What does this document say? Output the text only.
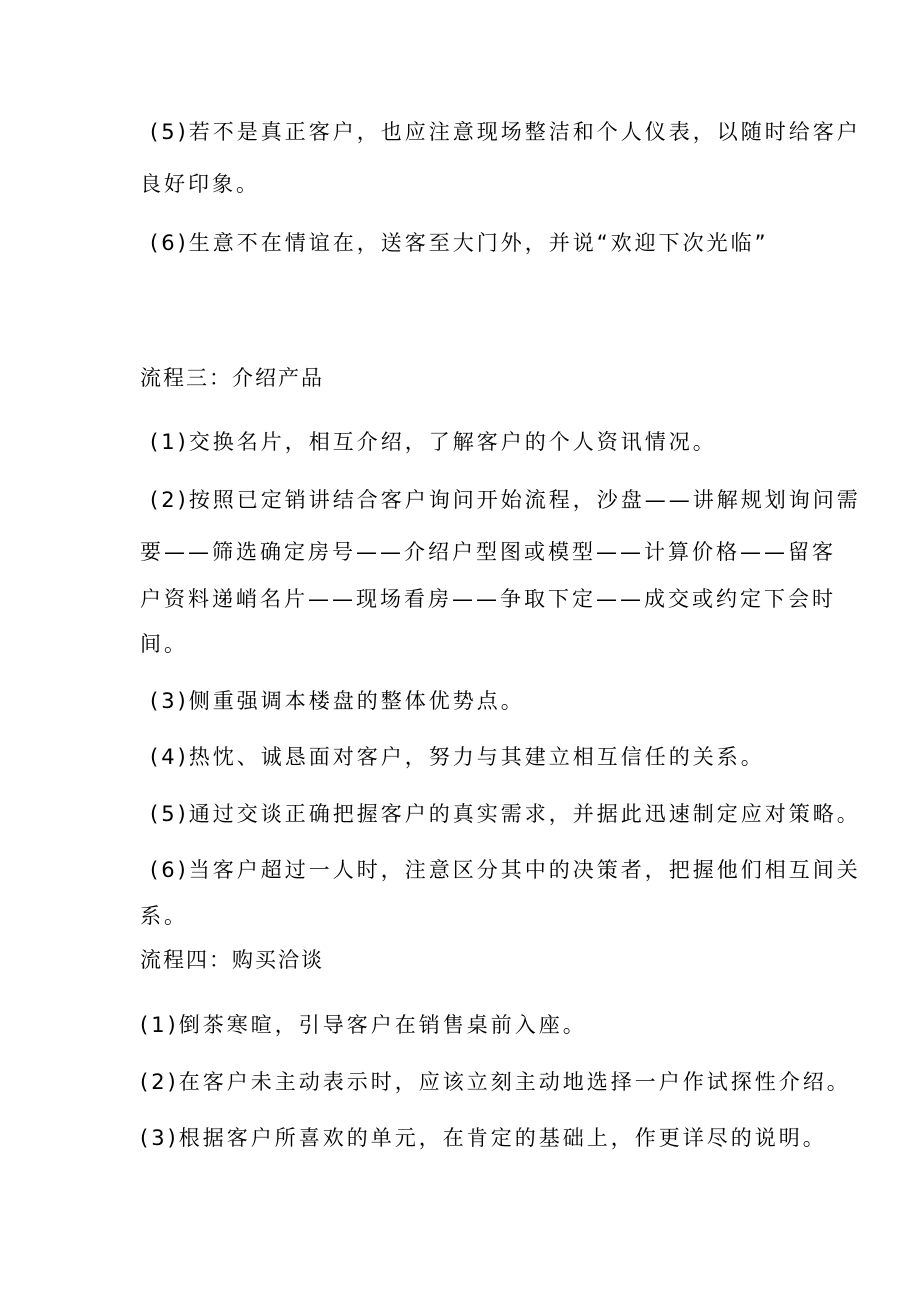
(5)若不是真正客户，也应注意现场整洁和个人仪表，以随时给客户
良好印象。
(6)生意不在情谊在，送客至大门外，并说“欢迎下次光临”
流程三：介绍产品
(1)交换名片，相互介绍，了解客户的个人资讯情况。
(2)按照已定销讲结合客户询问开始流程，沙盘——讲解规划询问需
要——筛选确定房号——介绍户型图或模型——计算价格——留客
户资料递峭名片——现场看房——争取下定——成交或约定下会时
间。
(3)侧重强调本楼盘的整体优势点。
(4)热忱、诚恳面对客户，努力与其建立相互信任的关系。
(5)通过交谈正确把握客户的真实需求，并据此迅速制定应对策略。
(6)当客户超过一人时，注意区分其中的决策者，把握他们相互间关
系。
流程四：购买洽谈
(1)倒茶寒暄，引导客户在销售桌前入座。
(2)在客户未主动表示时，应该立刻主动地选择一户作试探性介绍。
(3)根据客户所喜欢的单元，在肯定的基础上，作更详尽的说明。
